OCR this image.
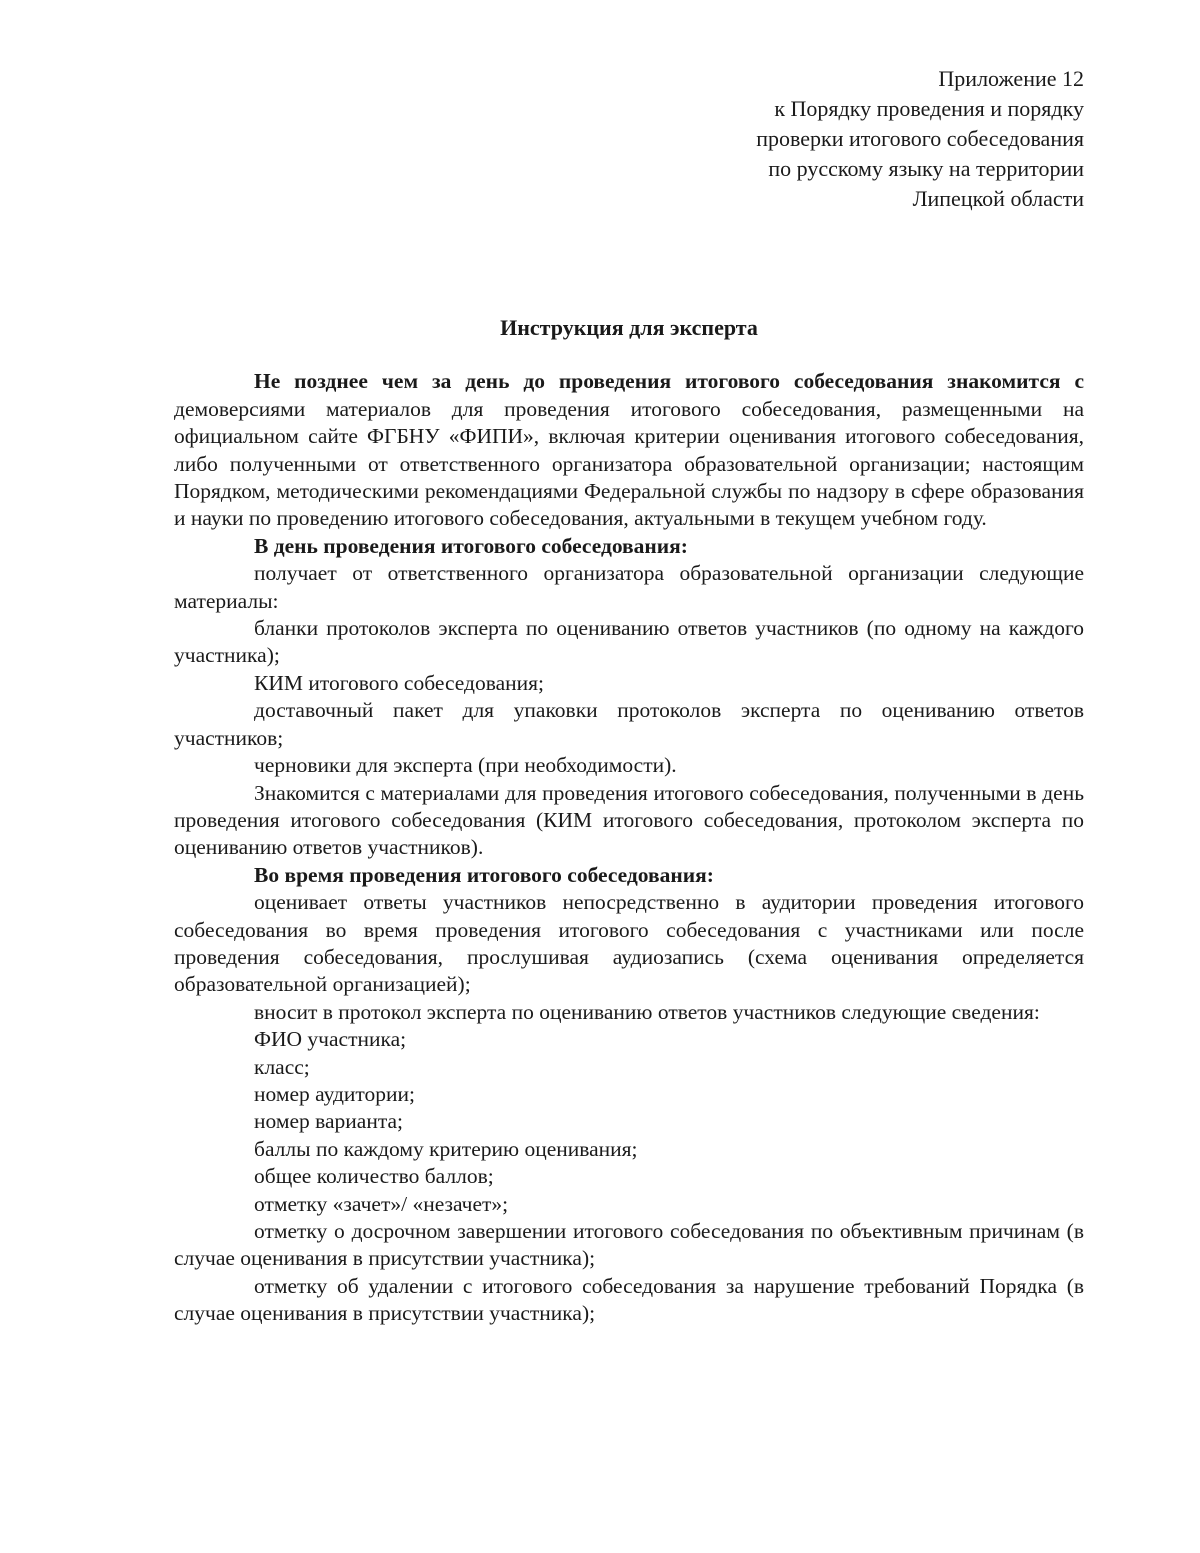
Приложение 12
к Порядку проведения и порядку
проверки итогового собеседования
по русскому языку на территории
Липецкой области
Инструкция для эксперта

Не позднее чем за день до проведения итогового собеседования знакомится с демоверсиями материалов для проведения итогового собеседования, размещенными на официальном сайте ФГБНУ «ФИПИ», включая критерии оценивания итогового собеседования, либо полученными от ответственного организатора образовательной организации; настоящим Порядком, методическими рекомендациями Федеральной службы по надзору в сфере образования и науки по проведению итогового собеседования, актуальными в текущем учебном году.

В день проведения итогового собеседования:

получает от ответственного организатора образовательной организации следующие материалы:

бланки протоколов эксперта по оцениванию ответов участников (по одному на каждого участника);

КИМ итогового собеседования;

доставочный пакет для упаковки протоколов эксперта по оцениванию ответов участников;

черновики для эксперта (при необходимости).

Знакомится с материалами для проведения итогового собеседования, полученными в день проведения итогового собеседования (КИМ итогового собеседования, протоколом эксперта по оцениванию ответов участников).

Во время проведения итогового собеседования:

оценивает ответы участников непосредственно в аудитории проведения итогового собеседования во время проведения итогового собеседования с участниками или после проведения собеседования, прослушивая аудиозапись (схема оценивания определяется образовательной организацией);

вносит в протокол эксперта по оцениванию ответов участников следующие сведения:

ФИО участника;

класс;

номер аудитории;

номер варианта;

баллы по каждому критерию оценивания;

общее количество баллов;

отметку «зачет»/ «незачет»;

отметку о досрочном завершении итогового собеседования по объективным причинам (в случае оценивания в присутствии участника);

отметку об удалении с итогового собеседования за нарушение требований Порядка (в случае оценивания в присутствии участника);
